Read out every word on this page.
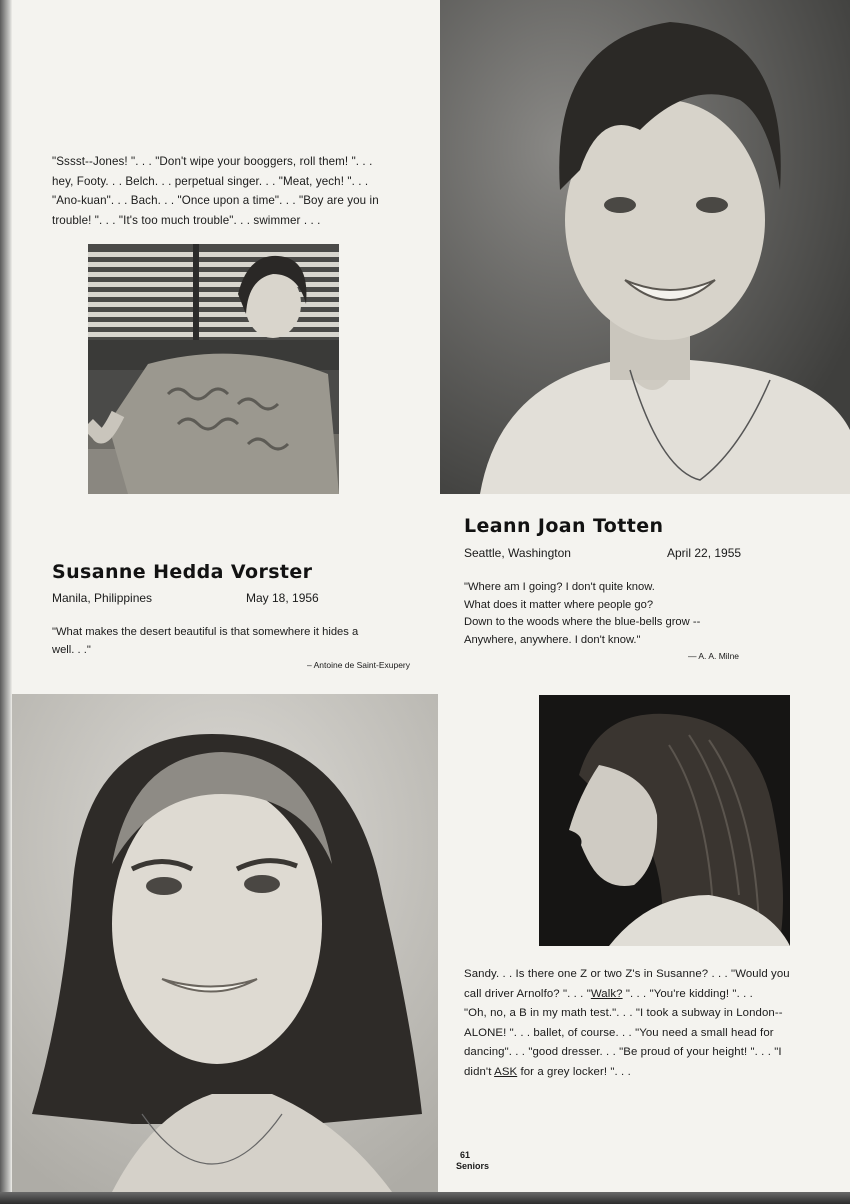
"Sssst--Jones! ". . . "Don't wipe your booggers, roll them! ". . .
hey, Footy. . . Belch. . . perpetual singer. . . "Meat, yech! ". . .
"Ano-kuan". . . Bach. . . "Once upon a time". . . "Boy are you in
trouble! ". . . "It's too much trouble". . . swimmer . . .

Susanne Hedda Vorster
Manila, Philippines	May 18, 1956

"What makes the desert beautiful is that somewhere it hides a
well. . ."

– Antoine de Saint-Exupery
Leann Joan Totten
Seattle, Washington	April 22, 1955

"Where am I going? I don't quite know.
What does it matter where people go?
Down to the woods where the blue-bells grow --
Anywhere, anywhere. I don't know."

— A. A. Milne

Sandy. . . Is there one Z or two Z's in Susanne? . . . "Would you
call driver Arnolfo? ". . . "Walk? ". . . "You're kidding! ". . .
"Oh, no, a B in my math test.". . . "I took a subway in London--
ALONE! ". . . ballet, of course. . . "You need a small head for
dancing". . . "good dresser. . . "Be proud of your height! ". . . "I
didn't ASK for a grey locker! ". . .

61
Seniors
